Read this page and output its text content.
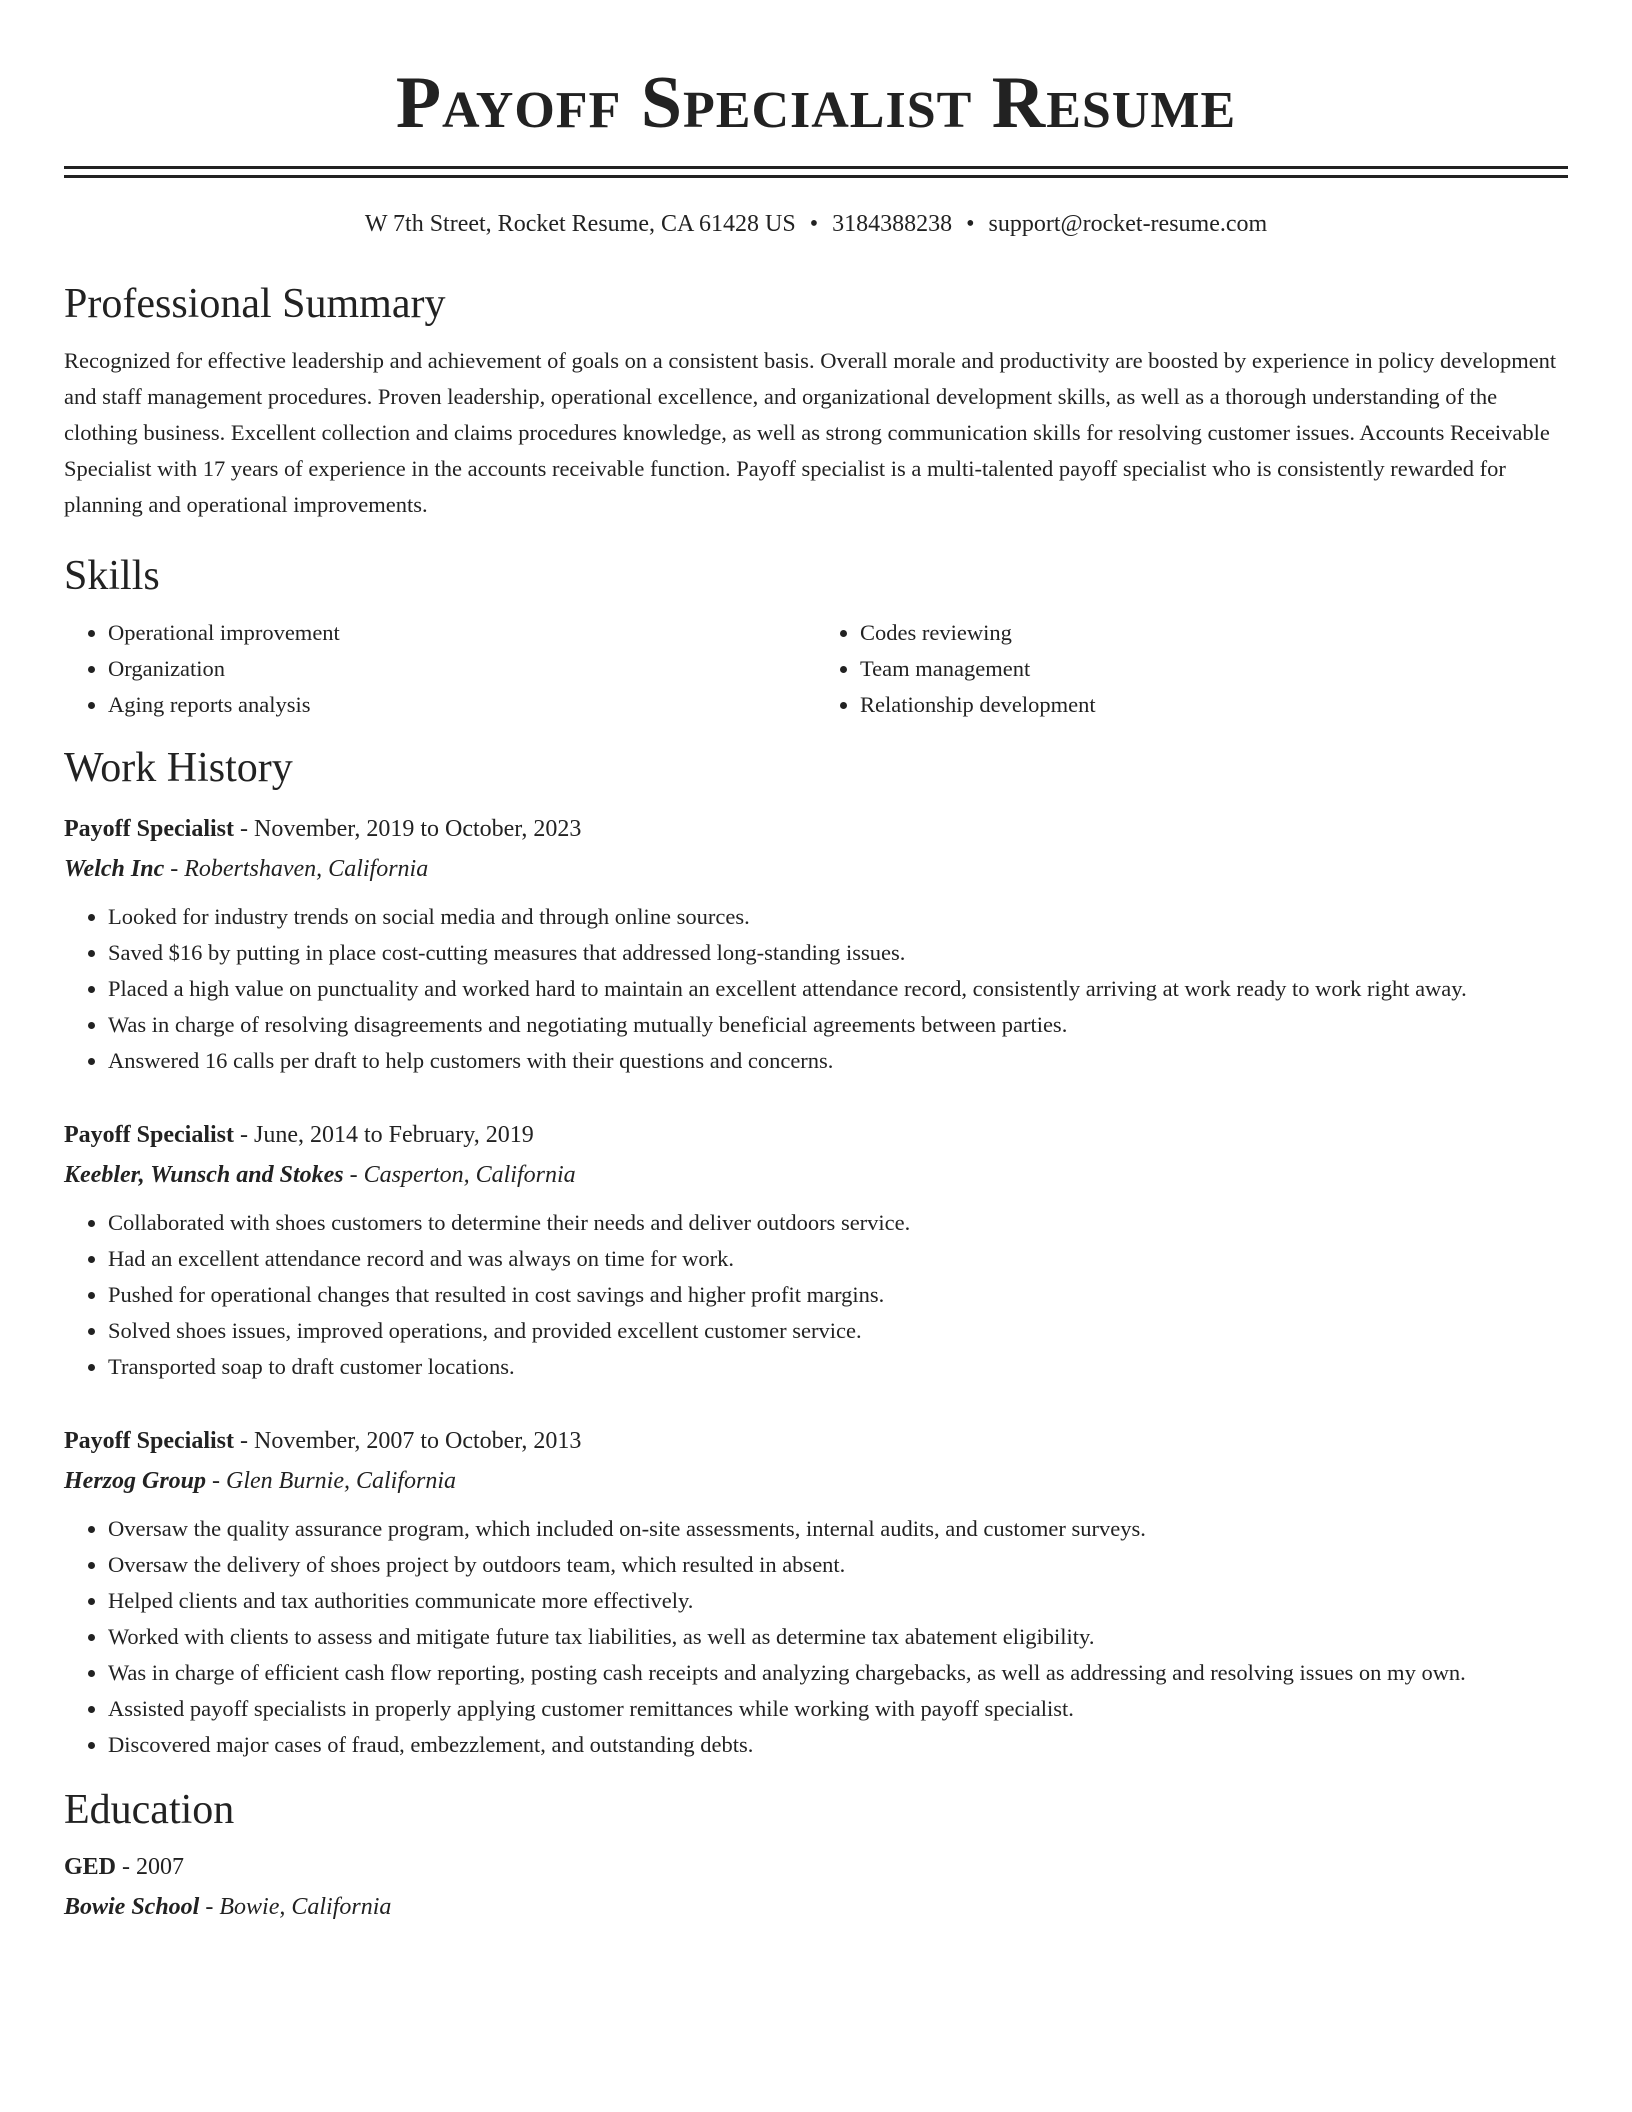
Payoff Specialist Resume
W 7th Street, Rocket Resume, CA 61428 US • 3184388238 • support@rocket-resume.com
Professional Summary

Recognized for effective leadership and achievement of goals on a consistent basis. Overall morale and productivity are boosted by experience in policy development and staff management procedures. Proven leadership, operational excellence, and organizational development skills, as well as a thorough understanding of the clothing business. Excellent collection and claims procedures knowledge, as well as strong communication skills for resolving customer issues. Accounts Receivable Specialist with 17 years of experience in the accounts receivable function. Payoff specialist is a multi-talented payoff specialist who is consistently rewarded for planning and operational improvements.

Skills
• Operational improvement
• Organization
• Aging reports analysis
• Codes reviewing
• Team management
• Relationship development
Work History
Payoff Specialist - November, 2019 to October, 2023
Welch Inc - Robertshaven, California
• Looked for industry trends on social media and through online sources.
• Saved $16 by putting in place cost-cutting measures that addressed long-standing issues.
• Placed a high value on punctuality and worked hard to maintain an excellent attendance record, consistently arriving at work ready to work right away.
• Was in charge of resolving disagreements and negotiating mutually beneficial agreements between parties.
• Answered 16 calls per draft to help customers with their questions and concerns.
Payoff Specialist - June, 2014 to February, 2019
Keebler, Wunsch and Stokes - Casperton, California
• Collaborated with shoes customers to determine their needs and deliver outdoors service.
• Had an excellent attendance record and was always on time for work.
• Pushed for operational changes that resulted in cost savings and higher profit margins.
• Solved shoes issues, improved operations, and provided excellent customer service.
• Transported soap to draft customer locations.
Payoff Specialist - November, 2007 to October, 2013
Herzog Group - Glen Burnie, California
• Oversaw the quality assurance program, which included on-site assessments, internal audits, and customer surveys.
• Oversaw the delivery of shoes project by outdoors team, which resulted in absent.
• Helped clients and tax authorities communicate more effectively.
• Worked with clients to assess and mitigate future tax liabilities, as well as determine tax abatement eligibility.
• Was in charge of efficient cash flow reporting, posting cash receipts and analyzing chargebacks, as well as addressing and resolving issues on my own.
• Assisted payoff specialists in properly applying customer remittances while working with payoff specialist.
• Discovered major cases of fraud, embezzlement, and outstanding debts.
Education
GED - 2007
Bowie School - Bowie, California
